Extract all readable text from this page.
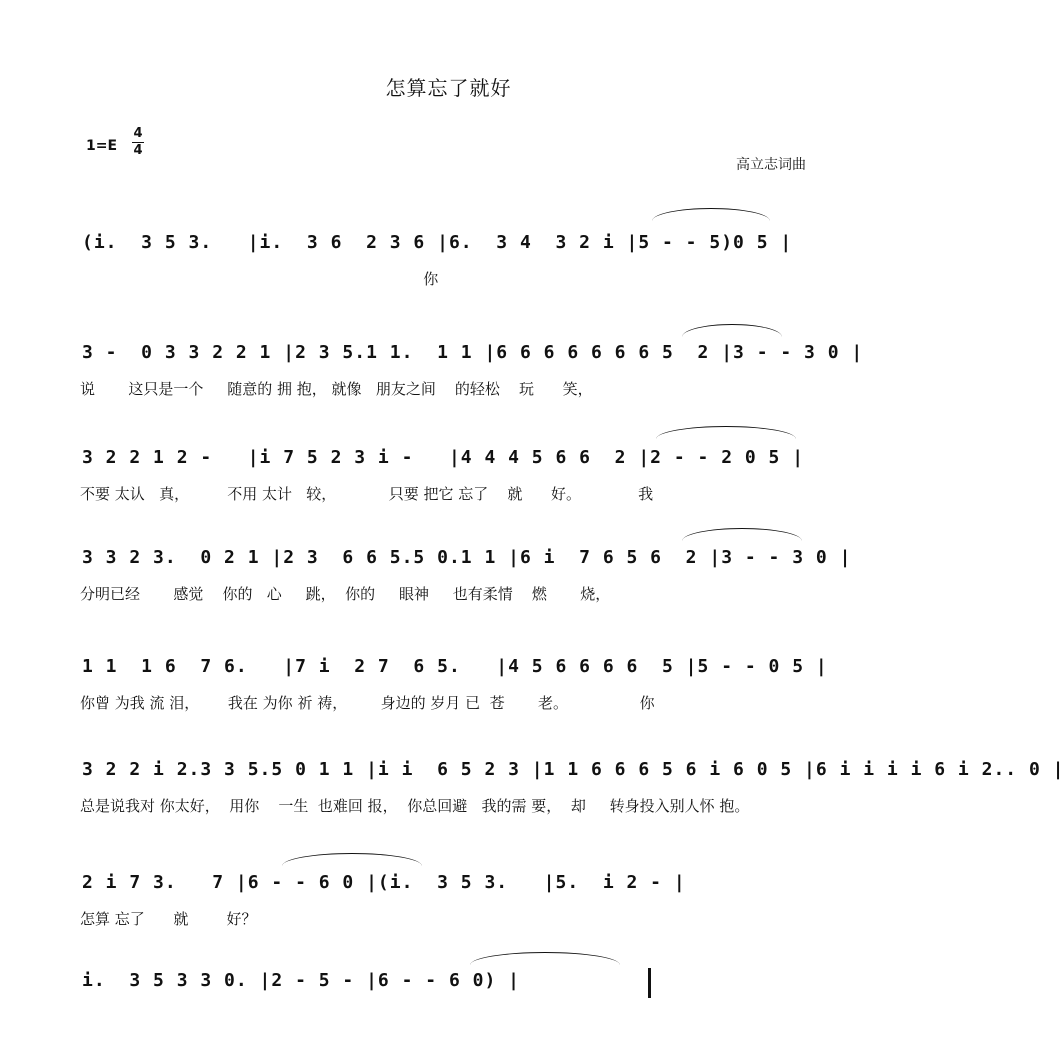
怎算忘了就好
1=E
4
4
高立志词曲
(i.  3 5 3.   |i.  3 6  2 3 6 |6.  3 4  3 2 i |5 - - 5)0 5 |
你
3 -  0 3 3 2 2 1 |2 3 5.1 1.  1 1 |6 6 6 6 6 6 6 5  2 |3 - - 3 0 |
说       这只是一个     随意的 拥 抱， 就像   朋友之间    的轻松    玩      笑，
3 2 2 1 2 -   |i 7 5 2 3 i -   |4 4 4 5 6 6  2 |2 - - 2 0 5 |
不要 太认   真，        不用 太计   较，           只要 把它 忘了    就      好。            我
3 3 2 3.  0 2 1 |2 3  6 6 5.5 0.1 1 |6 i  7 6 5 6  2 |3 - - 3 0 |
分明已经       感觉    你的   心     跳，  你的     眼神     也有柔情    燃       烧，
1 1  1 6  7 6.   |7 i  2 7  6 5.   |4 5 6 6 6 6  5 |5 - - 0 5 |
你曾 为我 流 泪，      我在 为你 祈 祷，       身边的 岁月 已  苍       老。               你
3 2 2 i 2.3 3 5.5 0 1 1 |i i  6 5 2 3 |1 1 6 6 6 5 6 i 6 0 5 |6 i i i i 6 i 2.. 0 |
总是说我对 你太好，  用你    一生  也难回 报，  你总回避   我的需 要，  却     转身投入别人怀 抱。
2 i 7 3.   7 |6 - - 6 0 |(i.  3 5 3.   |5.  i 2 - |
怎算 忘了      就        好？
i.  3 5 3 3 0. |2 - 5 - |6 - - 6 0) |
